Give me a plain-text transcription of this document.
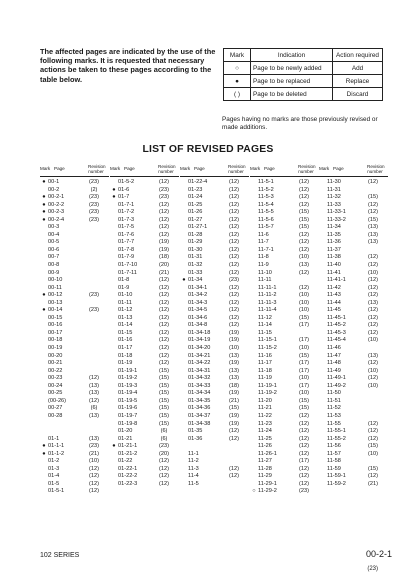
The affected pages are indicated by the use of the following marks. It is requested that necessary actions be taken to these pages according to the table below.
Mark	Indication	Action required
○	Page to be newly added	Add
●	Page to be replaced	Replace
( )	Page to be deleted	Discard
Pages having no marks are those previously revised or made additions.
LIST OF REVISED PAGES
Mark Page	Revision number
● 00-1	(23)
00-2	(2)
● 00-2-1	(23)
● 00-2-2	(23)
● 00-2-3	(23)
● 00-2-4	(23)
00-3
00-4
00-5
00-6
00-7
00-8
00-9
00-10
00-11
● 00-12	(23)
00-13
● 00-14	(23)
00-15
00-16
00-17
00-18
00-19
00-20
00-21
00-22
00-23	(12)
00-24	(13)
00-25	(13)
(00-26)	(12)
00-27	(6)
00-28	(13)
01-1	(13)
● 01-1-1	(23)
● 01-1-2	(21)
01-2	(10)
01-3	(12)
01-4	(12)
01-5	(12)
01-5-1	(12)
Mark Page	Revision number
01-5-2	(12)
● 01-6	(23)
● 01-7	(23)
01-7-1	(12)
01-7-2	(12)
01-7-3	(12)
01-7-5	(12)
01-7-6	(12)
01-7-7	(19)
01-7-8	(19)
01-7-9	(18)
01-7-10	(20)
01-7-11	(21)
01-8	(12)
01-9	(12)
01-10	(12)
01-11	(12)
01-12	(12)
01-13	(12)
01-14	(12)
01-15	(12)
01-16	(12)
01-17	(12)
01-18	(12)
01-19	(12)
01-19-1	(15)
01-19-2	(15)
01-19-3	(15)
01-19-4	(15)
01-19-5	(15)
01-19-6	(15)
01-19-7	(15)
01-19-8	(15)
01-20	(6)
01-21	(6)
● 01-21-1	(23)
01-21-2	(20)
01-22	(12)
01-22-1	(12)
01-22-2	(12)
01-22-3	(12)
Mark Page	Revision number
01-22-4	(12)
01-23	(12)
01-24	(12)
01-25	(12)
01-26	(12)
01-27	(12)
01-27-1	(12)
01-28	(12)
01-29	(12)
01-30	(12)
01-31	(12)
01-32	(12)
01-33	(12)
● 01-34	(23)
01-34-1	(12)
01-34-2	(12)
01-34-3	(12)
01-34-5	(12)
01-34-6	(12)
01-34-8	(12)
01-34-18	(19)
01-34-19	(19)
01-34-20	(10)
01-34-21	(13)
01-34-22	(19)
01-34-31	(13)
01-34-32	(13)
01-34-33	(18)
01-34-34	(19)
01-34-35	(21)
01-34-36	(15)
01-34-37	(19)
01-34-38	(19)
01-35	(12)
01-36	(12)
11-1
11-2
11-3	(12)
11-4	(12)
11-5
Mark Page	Revision number
11-5-1	(12)
11-5-2	(12)
11-5-3	(12)
11-5-4	(12)
11-5-5	(15)
11-5-6	(15)
11-5-7	(15)
11-6	(12)
11-7	(12)
11-7-1	(12)
11-8	(10)
11-9	(13)
11-10	(12)
11-11
11-11-1	(12)
11-11-2	(10)
11-11-3	(10)
11-11-4	(10)
11-12	(15)
11-14	(17)
11-15
11-15-1	(17)
11-15-2	(10)
11-16	(15)
11-17	(17)
11-18	(17)
11-19	(10)
11-19-1	(17)
11-19-2	(10)
11-20	(15)
11-21	(15)
11-22	(12)
11-23	(12)
11-24	(12)
11-25	(12)
11-26	(12)
11-26-1	(12)
11-27	(17)
11-28	(12)
11-29	(12)
11-29-1	(12)
○ 11-29-2	(23)
Mark Page	Revision number
11-30	(12)
11-31
11-32	(15)
11-33	(12)
11-33-1	(12)
11-33-2	(15)
11-34	(13)
11-35	(13)
11-36	(13)
11-37
11-38	(12)
11-40	(12)
11-41	(10)
11-41-1	(12)
11-42	(12)
11-43	(12)
11-44	(13)
11-45	(12)
11-45-1	(12)
11-45-2	(12)
11-45-3	(12)
11-45-4	(10)
11-46
11-47	(13)
11-48	(12)
11-49	(10)
11-49-1	(12)
11-49-2	(10)
11-50
11-51
11-52
11-53
11-55	(12)
11-55-1	(12)
11-55-2	(12)
11-56	(15)
11-57	(10)
11-58
11-59	(15)
11-59-1	(12)
11-59-2	(21)
102 SERIES	00-2-1
(23)
